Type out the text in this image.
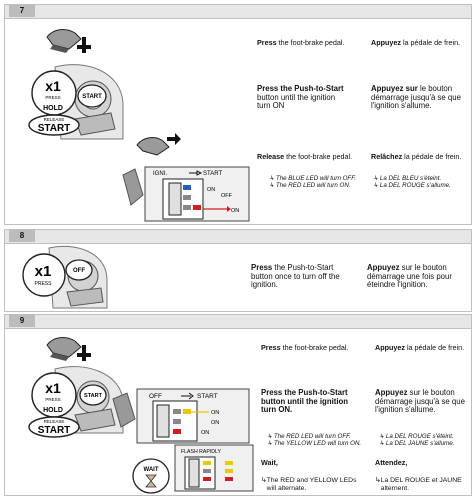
7
START
x1
PRESS
HOLD
RELEASE
START
IGNI.	START
ON
OFF
ON
Press the foot-brake pedal.	Appuyez la pédale de frein.
Press the Push-to-Start
button until the ignition
turn ON
Appuyez sur le bouton
démarrage jusqu'à se que
l'ignition s'allume.
Release the foot-brake pedal.	Relâchez la pédale de frein.
↳ The BLUE LED will turn OFF.
↳ The RED LED will turn ON.
↳ La DEL BLEU s'éteint.
↳ La DEL ROUGE s'allume.
8
OFF
x1
PRESS
Press the Push-to-Start
button once to turn off the
ignition.
Appuyez sur le bouton
démarrage une fois pour
éteindre l'ignition.
9
START
x1
PRESS
HOLD
RELEASE
START
OFF	START
ON
ON
ON
FLASH RAPIDLY
WAIT
Press the foot-brake pedal.	Appuyez la pédale de frein.
Press the Push-to-Start
button until the ignition
turn ON.
Appuyez sur le bouton
démarrage jusqu'à se que
l'ignition s'allume.
↳ The RED LED will turn OFF.
↳ The YELLOW LED will turn ON.
↳ La DEL ROUGE s'éteint.
↳ La DEL JAUNE s'allume.
Wait,	Attendez,
↳The RED and YELLOW LEDs
will alternate.
↳La DEL ROUGE et JAUNE
alternent.
